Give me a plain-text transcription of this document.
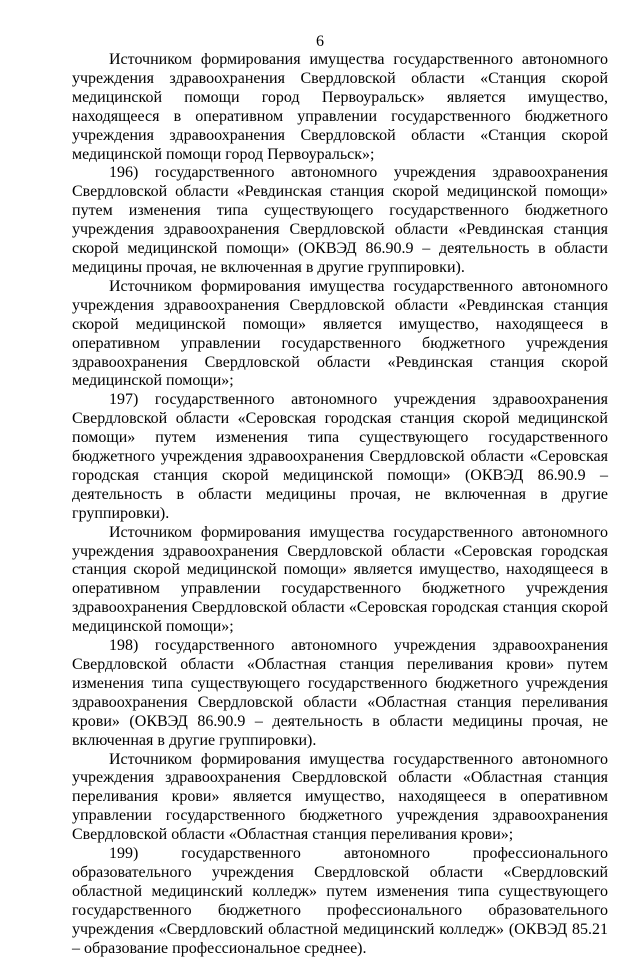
6

Источником формирования имущества государственного автономного учреждения здравоохранения Свердловской области «Станция скорой медицинской помощи город Первоуральск» является имущество, находящееся в оперативном управлении государственного бюджетного учреждения здравоохранения Свердловской области «Станция скорой медицинской помощи город Первоуральск»;

196) государственного автономного учреждения здравоохранения Свердловской области «Ревдинская станция скорой медицинской помощи» путем изменения типа существующего государственного бюджетного учреждения здравоохранения Свердловской области «Ревдинская станция скорой медицинской помощи» (ОКВЭД 86.90.9 – деятельность в области медицины прочая, не включенная в другие группировки).

Источником формирования имущества государственного автономного учреждения здравоохранения Свердловской области «Ревдинская станция скорой медицинской помощи» является имущество, находящееся в оперативном управлении государственного бюджетного учреждения здравоохранения Свердловской области «Ревдинская станция скорой медицинской помощи»;

197) государственного автономного учреждения здравоохранения Свердловской области «Серовская городская станция скорой медицинской помощи» путем изменения типа существующего государственного бюджетного учреждения здравоохранения Свердловской области «Серовская городская станция скорой медицинской помощи» (ОКВЭД 86.90.9 – деятельность в области медицины прочая, не включенная в другие группировки).

Источником формирования имущества государственного автономного учреждения здравоохранения Свердловской области «Серовская городская станция скорой медицинской помощи» является имущество, находящееся в оперативном управлении государственного бюджетного учреждения здравоохранения Свердловской области «Серовская городская станция скорой медицинской помощи»;

198) государственного автономного учреждения здравоохранения Свердловской области «Областная станция переливания крови» путем изменения типа существующего государственного бюджетного учреждения здравоохранения Свердловской области «Областная станция переливания крови» (ОКВЭД 86.90.9 – деятельность в области медицины прочая, не включенная в другие группировки).

Источником формирования имущества государственного автономного учреждения здравоохранения Свердловской области «Областная станция переливания крови» является имущество, находящееся в оперативном управлении государственного бюджетного учреждения здравоохранения Свердловской области «Областная станция переливания крови»;

199) государственного автономного профессионального образовательного учреждения Свердловской области «Свердловский областной медицинский колледж» путем изменения типа существующего государственного бюджетного профессионального образовательного учреждения «Свердловский областной медицинский колледж» (ОКВЭД 85.21 – образование профессиональное среднее).
